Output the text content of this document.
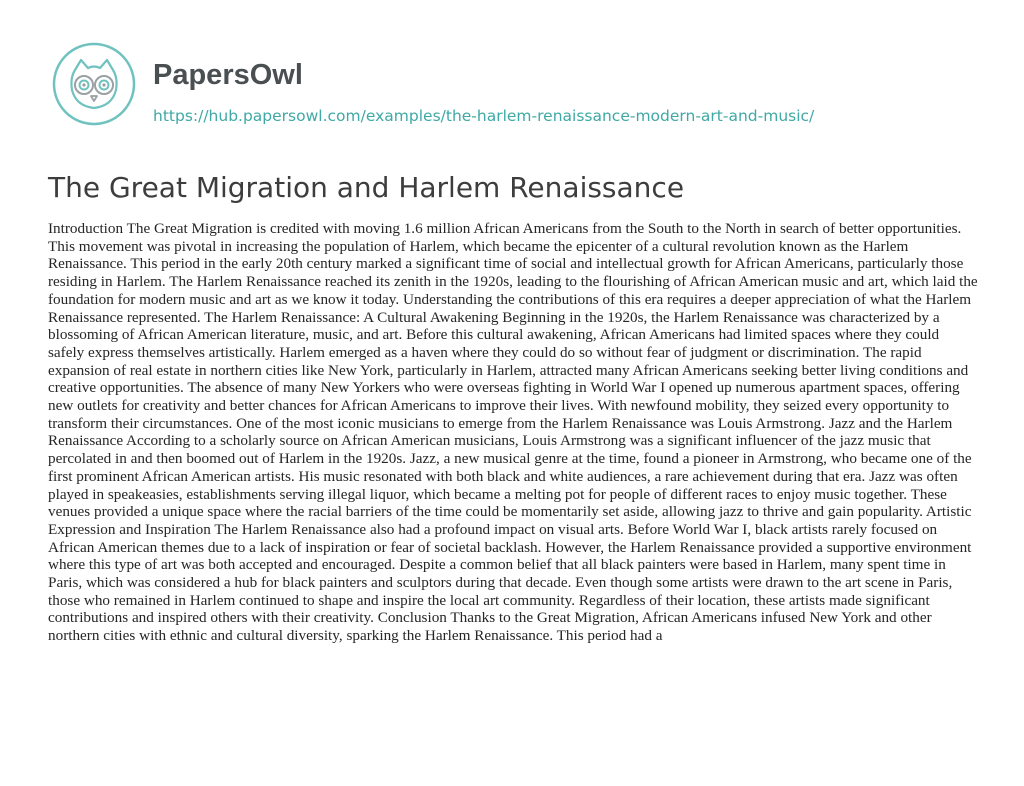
PapersOwl
https://hub.papersowl.com/examples/the-harlem-renaissance-modern-art-and-music/
The Great Migration and Harlem Renaissance

Introduction The Great Migration is credited with moving 1.6 million African Americans from the South to the North in search of better opportunities. This movement was pivotal in increasing the population of Harlem, which became the epicenter of a cultural revolution known as the Harlem Renaissance. This period in the early 20th century marked a significant time of social and intellectual growth for African Americans, particularly those residing in Harlem. The Harlem Renaissance reached its zenith in the 1920s, leading to the flourishing of African American music and art, which laid the foundation for modern music and art as we know it today. Understanding the contributions of this era requires a deeper appreciation of what the Harlem Renaissance represented. The Harlem Renaissance: A Cultural Awakening Beginning in the 1920s, the Harlem Renaissance was characterized by a blossoming of African American literature, music, and art. Before this cultural awakening, African Americans had limited spaces where they could safely express themselves artistically. Harlem emerged as a haven where they could do so without fear of judgment or discrimination. The rapid expansion of real estate in northern cities like New York, particularly in Harlem, attracted many African Americans seeking better living conditions and creative opportunities. The absence of many New Yorkers who were overseas fighting in World War I opened up numerous apartment spaces, offering new outlets for creativity and better chances for African Americans to improve their lives. With newfound mobility, they seized every opportunity to transform their circumstances. One of the most iconic musicians to emerge from the Harlem Renaissance was Louis Armstrong. Jazz and the Harlem Renaissance According to a scholarly source on African American musicians, Louis Armstrong was a significant influencer of the jazz music that percolated in and then boomed out of Harlem in the 1920s. Jazz, a new musical genre at the time, found a pioneer in Armstrong, who became one of the first prominent African American artists. His music resonated with both black and white audiences, a rare achievement during that era. Jazz was often played in speakeasies, establishments serving illegal liquor, which became a melting pot for people of different races to enjoy music together. These venues provided a unique space where the racial barriers of the time could be momentarily set aside, allowing jazz to thrive and gain popularity. Artistic Expression and Inspiration The Harlem Renaissance also had a profound impact on visual arts. Before World War I, black artists rarely focused on African American themes due to a lack of inspiration or fear of societal backlash. However, the Harlem Renaissance provided a supportive environment where this type of art was both accepted and encouraged. Despite a common belief that all black painters were based in Harlem, many spent time in Paris, which was considered a hub for black painters and sculptors during that decade. Even though some artists were drawn to the art scene in Paris, those who remained in Harlem continued to shape and inspire the local art community. Regardless of their location, these artists made significant contributions and inspired others with their creativity. Conclusion Thanks to the Great Migration, African Americans infused New York and other northern cities with ethnic and cultural diversity, sparking the Harlem Renaissance. This period had a
